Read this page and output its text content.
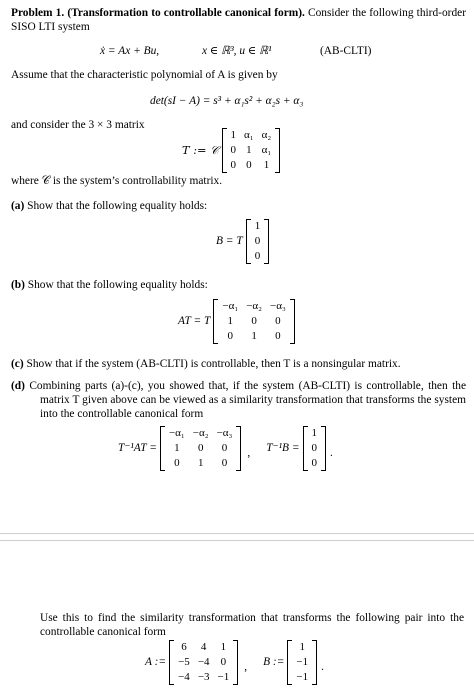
Problem 1. (Transformation to controllable canonical form). Consider the following third-order SISO LTI system
ẋ = Ax + Bu,	x ∈ ℝ³, u ∈ ℝ¹	(AB-CLTI)
Assume that the characteristic polynomial of A is given by
det(sI − A) = s³ + α₁s² + α₂s + α₃
and consider the 3 × 3 matrix
T := 𝒞
1	α₁	α₂
0	1	α₁
0	0	1
where 𝒞 is the system’s controllability matrix.
(a) Show that the following equality holds:
B = T
1
0
0
(b) Show that the following equality holds:
AT = T
−α₁	−α₂	−α₃
1	0	0
0	1	0
(c) Show that if the system (AB-CLTI) is controllable, then T is a nonsingular matrix.
(d) Combining parts (a)-(c), you showed that, if the system (AB-CLTI) is controllable, then the matrix T given above can be viewed as a similarity transformation that transforms the system into the controllable canonical form
T⁻¹AT =
−α₁	−α₂	−α₃
1	0	0
0	1	0
, T⁻¹B =
1
0
0
.
Use this to find the similarity transformation that transforms the following pair into the controllable canonical form
A :=
6	4	1
−5	−4	0
−4	−3	−1
, B :=
1
−1
−1
.
